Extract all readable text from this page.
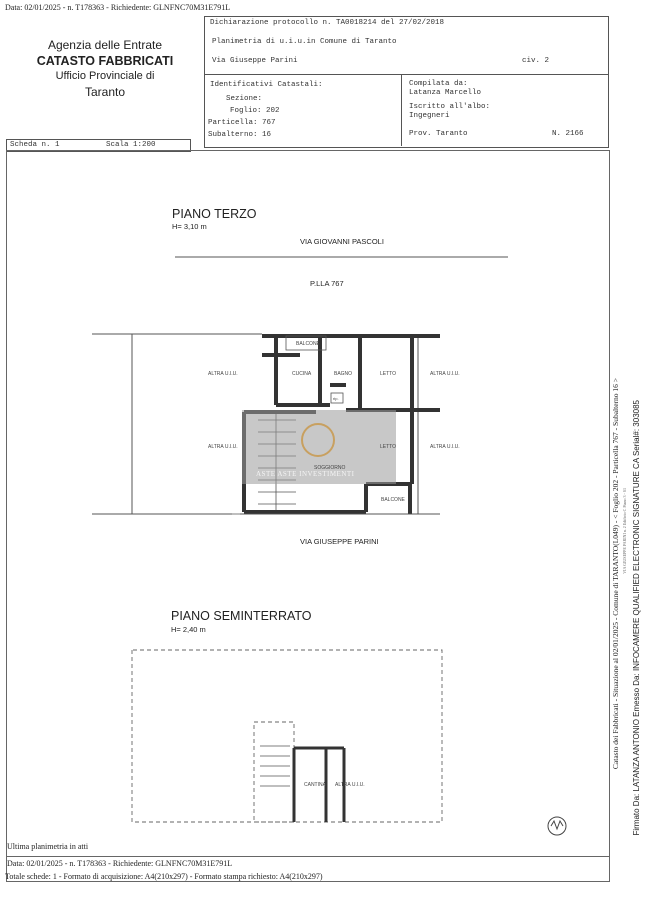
Data: 02/01/2025 - n. T178363 - Richiedente: GLNFNC70M31E791L
Agenzia delle Entrate
CATASTO FABBRICATI
Ufficio Provinciale di
Taranto
Dichiarazione protocollo n. TA0018214 del 27/02/2018
Planimetria di u.i.u.in Comune di Taranto
Via Giuseppe Parini	civ. 2
Identificativi Catastali:
Sezione:
Foglio: 202
Particella: 767
Subalterno: 16
Compilata da:
Latanza Marcello
Iscritto all'albo:
Ingegneri
Prov. Taranto	N. 2166
Scheda n. 1	Scala 1:200
PIANO TERZO
H= 3,10 m
VIA GIOVANNI PASCOLI
P.LLA 767
ALTRA U.I.U.	ALTRA U.I.U.
ALTRA U.I.U.	ALTRA U.I.U.
BALCONE
CUCINA	BAGNO	LETTO
LETTO
SOGGIORNO
BALCONE
rip.
ASTE ASTE INVESTIMENTI
VIA GIUSEPPE PARINI
PIANO SEMINTERRATO
H= 2,40 m
CANTINA ALTRA U.I.U.
Ultima planimetria in atti
Data: 02/01/2025 - n. T178363 - Richiedente: GLNFNC70M31E791L
Totale schede: 1 - Formato di acquisizione: A4(210x297) - Formato stampa richiesto: A4(210x297)
Catasto dei Fabbricati - Situazione al 02/01/2025 - Comune di TARANTO(L049) - < Foglio 202 - Particella 767 - Subalterno 16 > VIA GIUSEPPE PARINI n. 2 Edificio C Piano 3 - S1 Firmato Da: LATANZA ANTONIO Emesso Da: INFOCAMERE QUALIFIED ELECTRONIC SIGNATURE CA Serial#: 303085
